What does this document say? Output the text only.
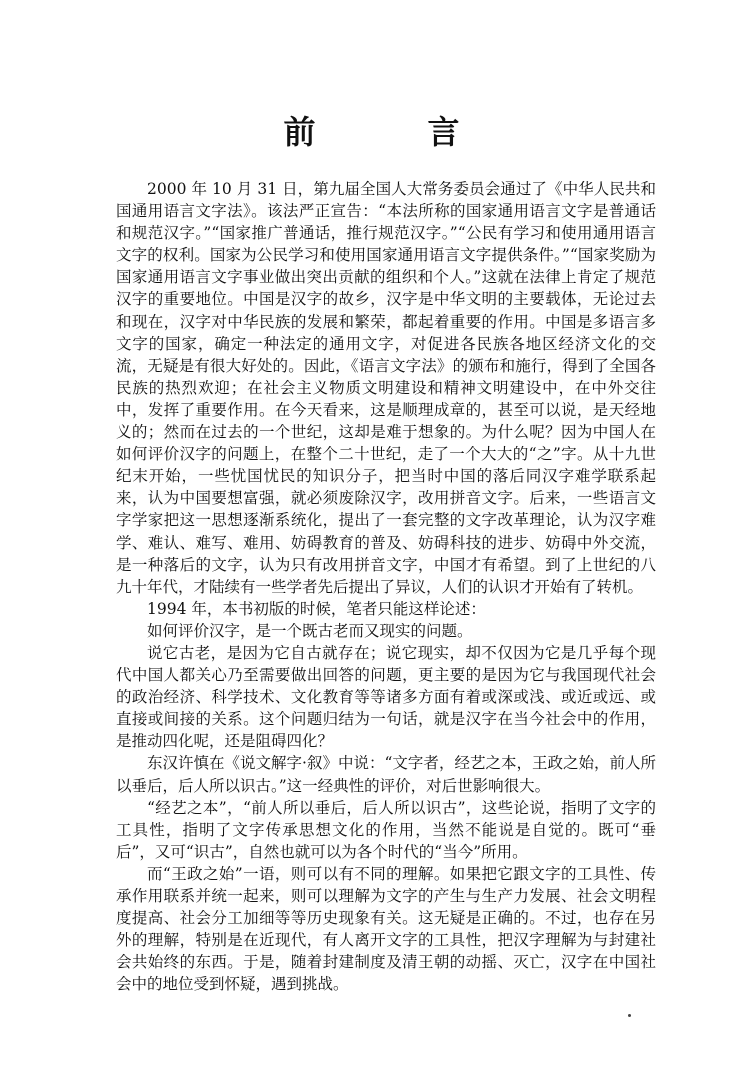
前　言

2000 年 10 月 31 日，第九届全国人大常务委员会通过了《中华人民共和国通用语言文字法》。该法严正宣告：“本法所称的国家通用语言文字是普通话和规范汉字。”“国家推广普通话，推行规范汉字。”“公民有学习和使用通用语言文字的权利。国家为公民学习和使用国家通用语言文字提供条件。”“国家奖励为国家通用语言文字事业做出突出贡献的组织和个人。”这就在法律上肯定了规范汉字的重要地位。中国是汉字的故乡，汉字是中华文明的主要载体，无论过去和现在，汉字对中华民族的发展和繁荣，都起着重要的作用。中国是多语言多文字的国家，确定一种法定的通用文字，对促进各民族各地区经济文化的交流，无疑是有很大好处的。因此，《语言文字法》的颁布和施行，得到了全国各民族的热烈欢迎；在社会主义物质文明建设和精神文明建设中，在中外交往中，发挥了重要作用。在今天看来，这是顺理成章的，甚至可以说，是天经地义的；然而在过去的一个世纪，这却是难于想象的。为什么呢？因为中国人在如何评价汉字的问题上，在整个二十世纪，走了一个大大的“之”字。从十九世纪末开始，一些忧国忧民的知识分子，把当时中国的落后同汉字难学联系起来，认为中国要想富强，就必须废除汉字，改用拼音文字。后来，一些语言文字学家把这一思想逐渐系统化，提出了一套完整的文字改革理论，认为汉字难学、难认、难写、难用、妨碍教育的普及、妨碍科技的进步、妨碍中外交流，是一种落后的文字，认为只有改用拼音文字，中国才有希望。到了上世纪的八九十年代，才陆续有一些学者先后提出了异议，人们的认识才开始有了转机。

1994 年，本书初版的时候，笔者只能这样论述：

如何评价汉字，是一个既古老而又现实的问题。

说它古老，是因为它自古就存在；说它现实，却不仅因为它是几乎每个现代中国人都关心乃至需要做出回答的问题，更主要的是因为它与我国现代社会的政治经济、科学技术、文化教育等等诸多方面有着或深或浅、或近或远、或直接或间接的关系。这个问题归结为一句话，就是汉字在当今社会中的作用，是推动四化呢，还是阻碍四化？

东汉许慎在《说文解字·叙》中说：“文字者，经艺之本，王政之始，前人所以垂后，后人所以识古。”这一经典性的评价，对后世影响很大。

“经艺之本”，“前人所以垂后，后人所以识古”，这些论说，指明了文字的工具性，指明了文字传承思想文化的作用，当然不能说是自觉的。既可“垂后”，又可“识古”，自然也就可以为各个时代的“当今”所用。

而“王政之始”一语，则可以有不同的理解。如果把它跟文字的工具性、传承作用联系并统一起来，则可以理解为文字的产生与生产力发展、社会文明程度提高、社会分工加细等等历史现象有关。这无疑是正确的。不过，也存在另外的理解，特别是在近现代，有人离开文字的工具性，把汉字理解为与封建社会共始终的东西。于是，随着封建制度及清王朝的动摇、灭亡，汉字在中国社会中的地位受到怀疑，遇到挑战。
